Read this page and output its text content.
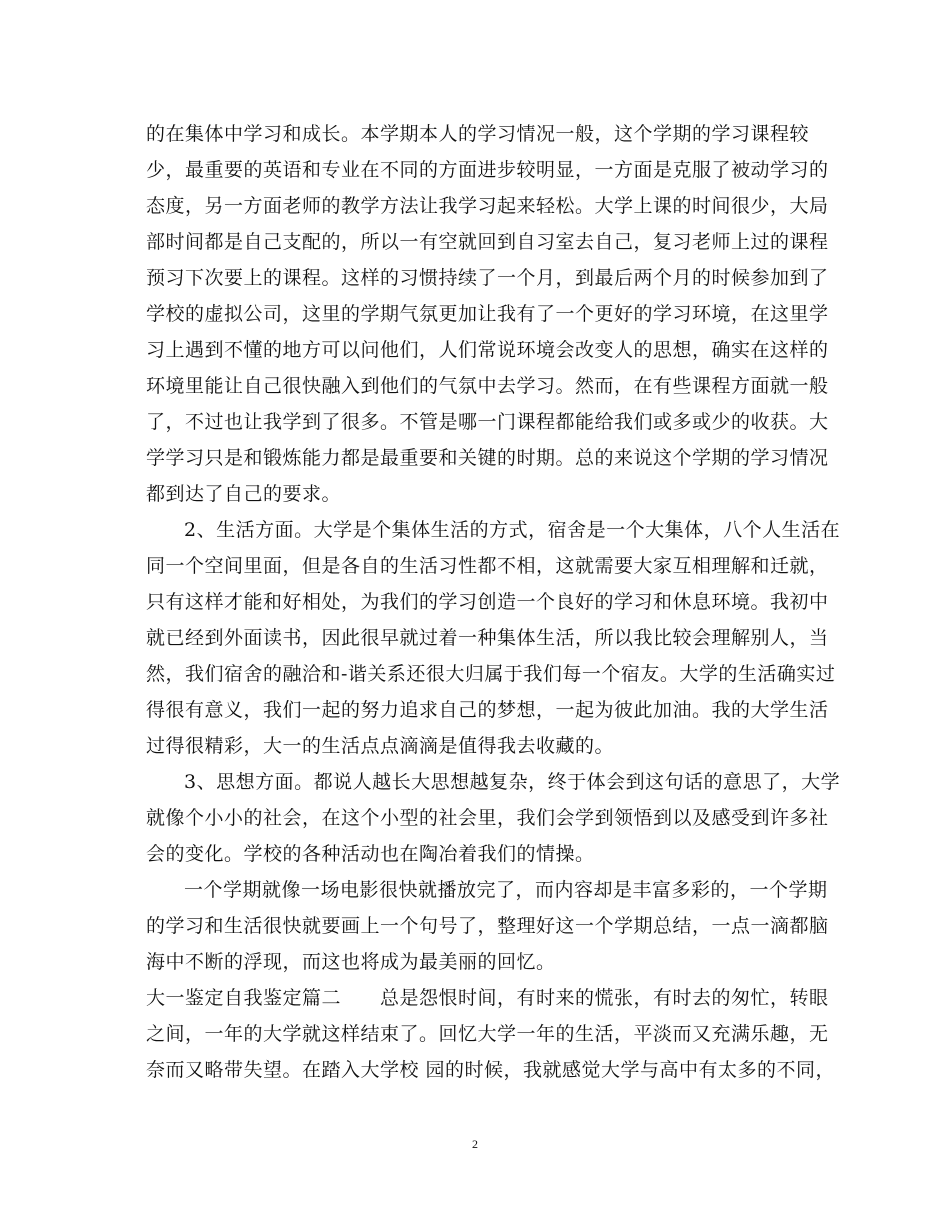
的在集体中学习和成长。本学期本人的学习情况一般，这个学期的学习课程较
少，最重要的英语和专业在不同的方面进步较明显，一方面是克服了被动学习的
态度，另一方面老师的教学方法让我学习起来轻松。大学上课的时间很少，大局
部时间都是自己支配的，所以一有空就回到自习室去自己，复习老师上过的课程
预习下次要上的课程。这样的习惯持续了一个月，到最后两个月的时候参加到了
学校的虚拟公司，这里的学期气氛更加让我有了一个更好的学习环境，在这里学
习上遇到不懂的地方可以问他们，人们常说环境会改变人的思想，确实在这样的
环境里能让自己很快融入到他们的气氛中去学习。然而，在有些课程方面就一般
了，不过也让我学到了很多。不管是哪一门课程都能给我们或多或少的收获。大
学学习只是和锻炼能力都是最重要和关键的时期。总的来说这个学期的学习情况
都到达了自己的要求。
2、生活方面。大学是个集体生活的方式，宿舍是一个大集体，八个人生活在
同一个空间里面，但是各自的生活习性都不相，这就需要大家互相理解和迁就，
只有这样才能和好相处，为我们的学习创造一个良好的学习和休息环境。我初中
就已经到外面读书，因此很早就过着一种集体生活，所以我比较会理解别人，当
然，我们宿舍的融洽和-谐关系还很大归属于我们每一个宿友。大学的生活确实过
得很有意义，我们一起的努力追求自己的梦想，一起为彼此加油。我的大学生活
过得很精彩，大一的生活点点滴滴是值得我去收藏的。
3、思想方面。都说人越长大思想越复杂，终于体会到这句话的意思了，大学
就像个小小的社会，在这个小型的社会里，我们会学到领悟到以及感受到许多社
会的变化。学校的各种活动也在陶冶着我们的情操。
一个学期就像一场电影很快就播放完了，而内容却是丰富多彩的，一个学期
的学习和生活很快就要画上一个句号了，整理好这一个学期总结，一点一滴都脑
海中不断的浮现，而这也将成为最美丽的回忆。
大一鉴定自我鉴定篇二　　总是怨恨时间，有时来的慌张，有时去的匆忙，转眼
之间，一年的大学就这样结束了。回忆大学一年的生活，平淡而又充满乐趣，无
奈而又略带失望。在踏入大学校 园的时候，我就感觉大学与高中有太多的不同，
2
